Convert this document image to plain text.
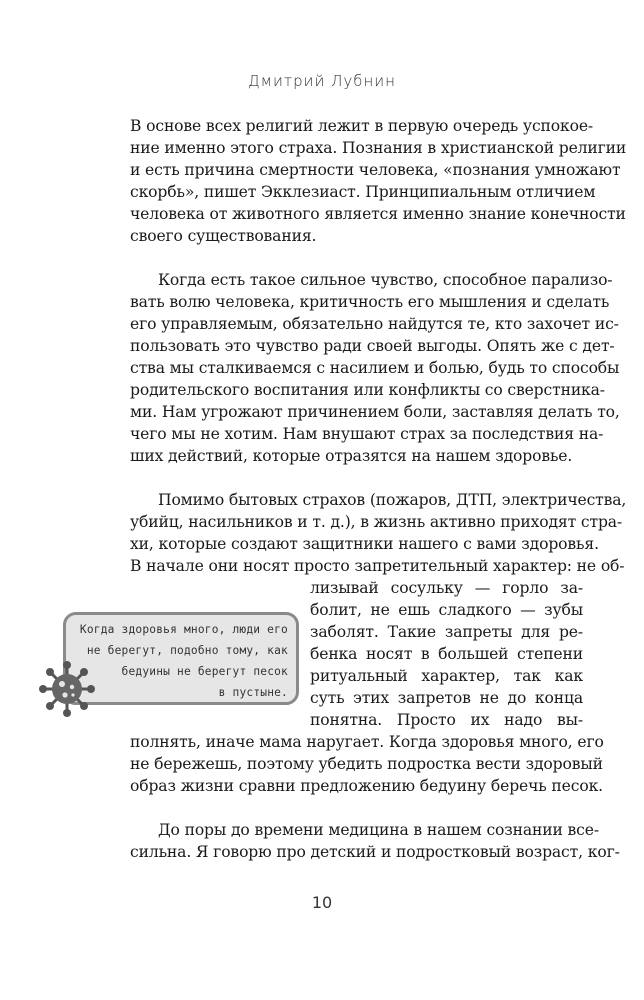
Дмитрий Лубнин
В основе всех религий лежит в первую очередь успокое-
ние именно этого страха. Познания в христианской религии
и есть причина смертности человека, «познания умножают
скорбь», пишет Экклезиаст. Принципиальным отличием
человека от животного является именно знание конечности
своего существования.
Когда есть такое сильное чувство, способное парализо-
вать волю человека, критичность его мышления и сделать
его управляемым, обязательно найдутся те, кто захочет ис-
пользовать это чувство ради своей выгоды. Опять же с дет-
ства мы сталкиваемся с насилием и болью, будь то способы
родительского воспитания или конфликты со сверстника-
ми. Нам угрожают причинением боли, заставляя делать то,
чего мы не хотим. Нам внушают страх за последствия на-
ших действий, которые отразятся на нашем здоровье.
Помимо бытовых страхов (пожаров, ДТП, электричества,
убийц, насильников и т. д.), в жизнь активно приходят стра-
хи, которые создают защитники нашего с вами здоровья.
В начале они носят просто запретительный характер: не об-
лизывай сосульку — горло за-
болит, не ешь сладкого — зубы
заболят. Такие запреты для ре-
бенка носят в большей степени
ритуальный характер, так как
суть этих запретов не до конца
понятна. Просто их надо вы-
полнять, иначе мама наругает. Когда здоровья много, его
не бережешь, поэтому убедить подростка вести здоровый
образ жизни сравни предложению бедуину беречь песок.
До поры до времени медицина в нашем сознании все-
сильна. Я говорю про детский и подростковый возраст, ког-
Когда здоровья много, люди его
не берегут, подобно тому, как
бедуины не берегут песок
в пустыне.
10
